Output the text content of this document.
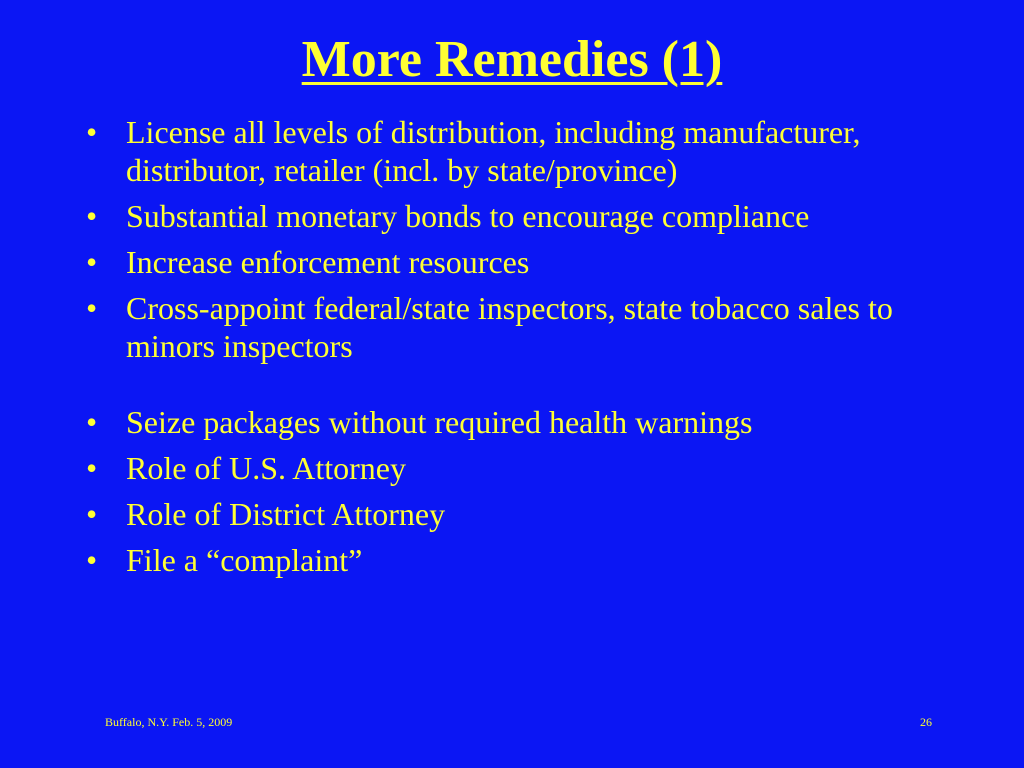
More Remedies (1)
• License all levels of distribution, including manufacturer, distributor, retailer (incl. by state/province)
• Substantial monetary bonds to encourage compliance
• Increase enforcement resources
• Cross-appoint federal/state inspectors, state tobacco sales to minors inspectors
• Seize packages without required health warnings
• Role of U.S. Attorney
• Role of District Attorney
• File a “complaint”
Buffalo, N.Y. Feb. 5, 2009	26
